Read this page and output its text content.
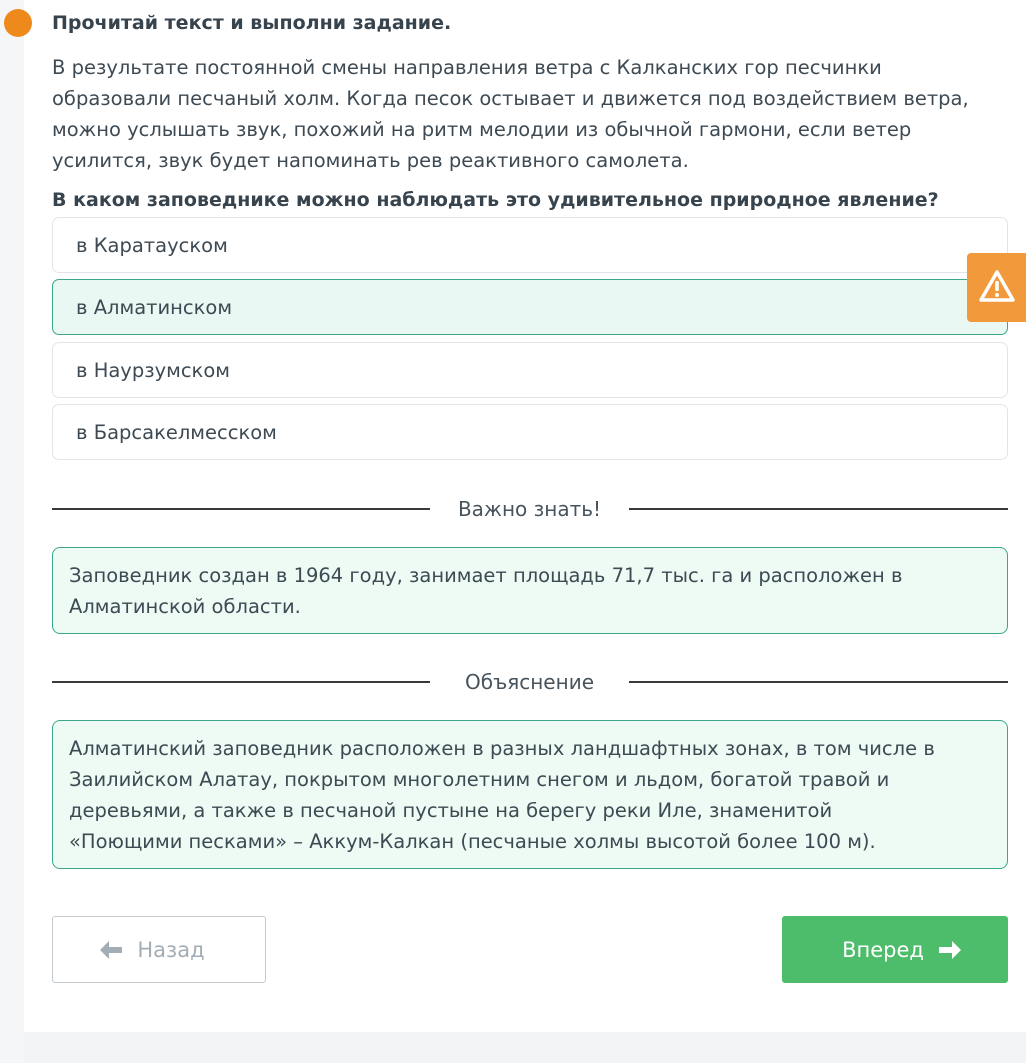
Прочитай текст и выполни задание.
В результате постоянной смены направления ветра с Калканских гор песчинки
образовали песчаный холм. Когда песок остывает и движется под воздействием ветра,
можно услышать звук, похожий на ритм мелодии из обычной гармони, если ветер
усилится, звук будет напоминать рев реактивного самолета.
В каком заповеднике можно наблюдать это удивительное природное явление?
в Каратауском
в Алматинском
в Наурзумском
в Барсакелмесском
Важно знать!
Заповедник создан в 1964 году, занимает площадь 71,7 тыс. га и расположен в
Алматинской области.
Объяснение
Алматинский заповедник расположен в разных ландшафтных зонах, в том числе в
Заилийском Алатау, покрытом многолетним снегом и льдом, богатой травой и
деревьями, а также в песчаной пустыне на берегу реки Иле, знаменитой
«Поющими песками» – Аккум-Калкан (песчаные холмы высотой более 100 м).
Назад	Вперед
